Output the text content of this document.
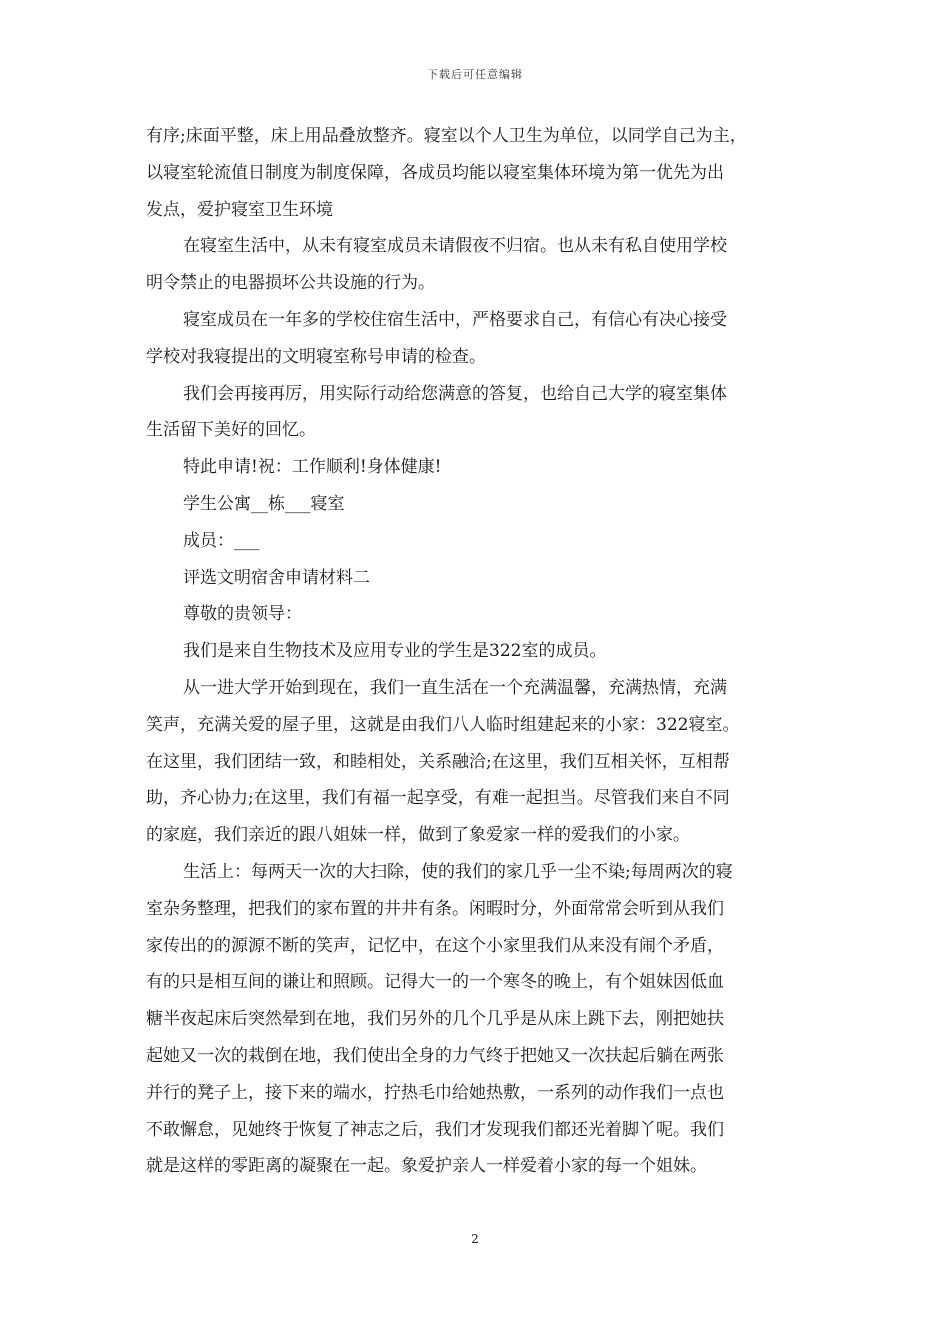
下载后可任意编辑
有序;床面平整，床上用品叠放整齐。寝室以个人卫生为单位，以同学自己为主，
以寝室轮流值日制度为制度保障，各成员均能以寝室集体环境为第一优先为出
发点，爱护寝室卫生环境
在寝室生活中，从未有寝室成员未请假夜不归宿。也从未有私自使用学校
明令禁止的电器损坏公共设施的行为。
寝室成员在一年多的学校住宿生活中，严格要求自己，有信心有决心接受
学校对我寝提出的文明寝室称号申请的检查。
我们会再接再厉，用实际行动给您满意的答复，也给自己大学的寝室集体
生活留下美好的回忆。
特此申请!祝：工作顺利!身体健康!
学生公寓__栋___寝室
成员：___
评选文明宿舍申请材料二
尊敬的贵领导：
我们是来自生物技术及应用专业的学生是322室的成员。
从一进大学开始到现在，我们一直生活在一个充满温馨，充满热情，充满
笑声，充满关爱的屋子里，这就是由我们八人临时组建起来的小家：322寝室。
在这里，我们团结一致，和睦相处，关系融洽;在这里，我们互相关怀，互相帮
助，齐心协力;在这里，我们有福一起享受，有难一起担当。尽管我们来自不同
的家庭，我们亲近的跟八姐妹一样，做到了象爱家一样的爱我们的小家。
生活上：每两天一次的大扫除，使的我们的家几乎一尘不染;每周两次的寝
室杂务整理，把我们的家布置的井井有条。闲暇时分，外面常常会听到从我们
家传出的的源源不断的笑声，记忆中，在这个小家里我们从来没有闹个矛盾，
有的只是相互间的谦让和照顾。记得大一的一个寒冬的晚上，有个姐妹因低血
糖半夜起床后突然晕到在地，我们另外的几个几乎是从床上跳下去，刚把她扶
起她又一次的栽倒在地，我们使出全身的力气终于把她又一次扶起后躺在两张
并行的凳子上，接下来的端水，拧热毛巾给她热敷，一系列的动作我们一点也
不敢懈怠，见她终于恢复了神志之后，我们才发现我们都还光着脚丫呢。我们
就是这样的零距离的凝聚在一起。象爱护亲人一样爱着小家的每一个姐妹。
2
